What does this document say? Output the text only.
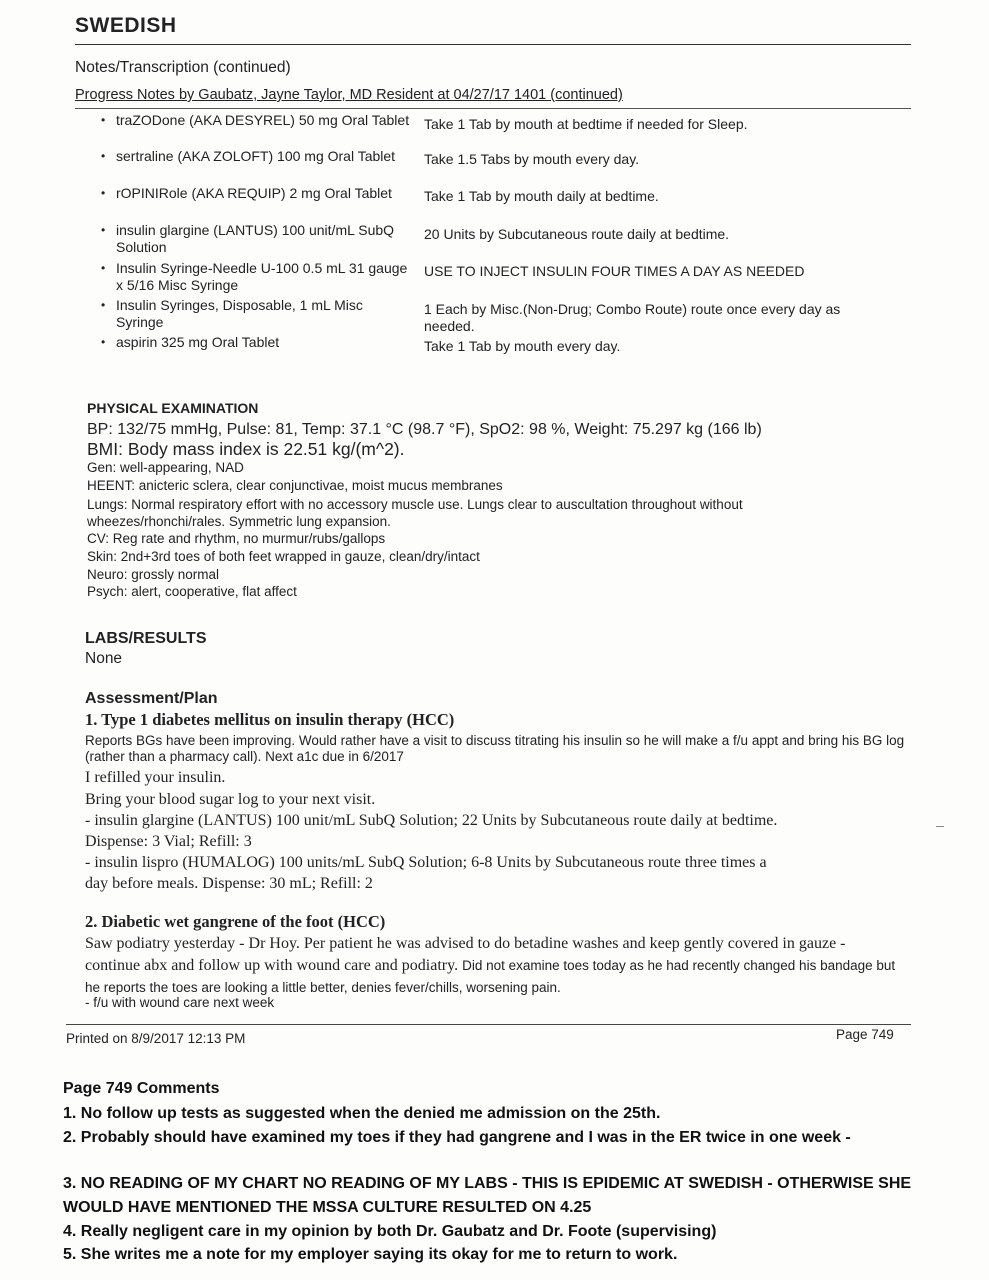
SWEDISH
Notes/Transcription (continued)
Progress Notes by Gaubatz, Jayne Taylor, MD Resident at 04/27/17 1401 (continued)
• traZODone (AKA DESYREL) 50 mg Oral Tablet Take 1 Tab by mouth at bedtime if needed for Sleep.
• sertraline (AKA ZOLOFT) 100 mg Oral Tablet	Take 1.5 Tabs by mouth every day.
• rOPINIRole (AKA REQUIP) 2 mg Oral Tablet	Take 1 Tab by mouth daily at bedtime.
• insulin glargine (LANTUS) 100 unit/mL SubQ Solution
20 Units by Subcutaneous route daily at bedtime.
• Insulin Syringe-Needle U-100 0.5 mL 31 gauge x 5/16 Misc Syringe
USE TO INJECT INSULIN FOUR TIMES A DAY AS NEEDED
• Insulin Syringes, Disposable, 1 mL Misc Syringe
1 Each by Misc.(Non-Drug; Combo Route) route once every day as needed.
• aspirin 325 mg Oral Tablet	Take 1 Tab by mouth every day.
PHYSICAL EXAMINATION
BP: 132/75 mmHg, Pulse: 81, Temp: 37.1 °C (98.7 °F), SpO2: 98 %, Weight: 75.297 kg (166 lb)
BMI: Body mass index is 22.51 kg/(m^2).
Gen: well-appearing, NAD
HEENT: anicteric sclera, clear conjunctivae, moist mucus membranes
Lungs: Normal respiratory effort with no accessory muscle use. Lungs clear to auscultation throughout without
wheezes/rhonchi/rales. Symmetric lung expansion.
CV: Reg rate and rhythm, no murmur/rubs/gallops
Skin: 2nd+3rd toes of both feet wrapped in gauze, clean/dry/intact
Neuro: grossly normal
Psych: alert, cooperative, flat affect
LABS/RESULTS
None
Assessment/Plan
1. Type 1 diabetes mellitus on insulin therapy (HCC)
Reports BGs have been improving. Would rather have a visit to discuss titrating his insulin so he will make a f/u appt and bring his BG log (rather than a pharmacy call). Next a1c due in 6/2017
I refilled your insulin.
Bring your blood sugar log to your next visit.
- insulin glargine (LANTUS) 100 unit/mL SubQ Solution; 22 Units by Subcutaneous route daily at bedtime.
Dispense: 3 Vial; Refill: 3
- insulin lispro (HUMALOG) 100 units/mL SubQ Solution; 6-8 Units by Subcutaneous route three times a
day before meals. Dispense: 30 mL; Refill: 2
2. Diabetic wet gangrene of the foot (HCC)
Saw podiatry yesterday - Dr Hoy. Per patient he was advised to do betadine washes and keep gently covered in gauze - continue abx and follow up with wound care and podiatry. Did not examine toes today as he had recently changed his bandage but he reports the toes are looking a little better, denies fever/chills, worsening pain.
- f/u with wound care next week
Printed on 8/9/2017 12:13 PM	Page 749
Page 749 Comments
1. No follow up tests as suggested when the denied me admission on the 25th.
2. Probably should have examined my toes if they had gangrene and I was in the ER twice in one week -
3. NO READING OF MY CHART NO READING OF MY LABS - THIS IS EPIDEMIC AT SWEDISH - OTHERWISE SHE WOULD HAVE MENTIONED THE MSSA CULTURE RESULTED ON 4.25
4. Really negligent care in my opinion by both Dr. Gaubatz and Dr. Foote (supervising)
5. She writes me a note for my employer saying its okay for me to return to work.
